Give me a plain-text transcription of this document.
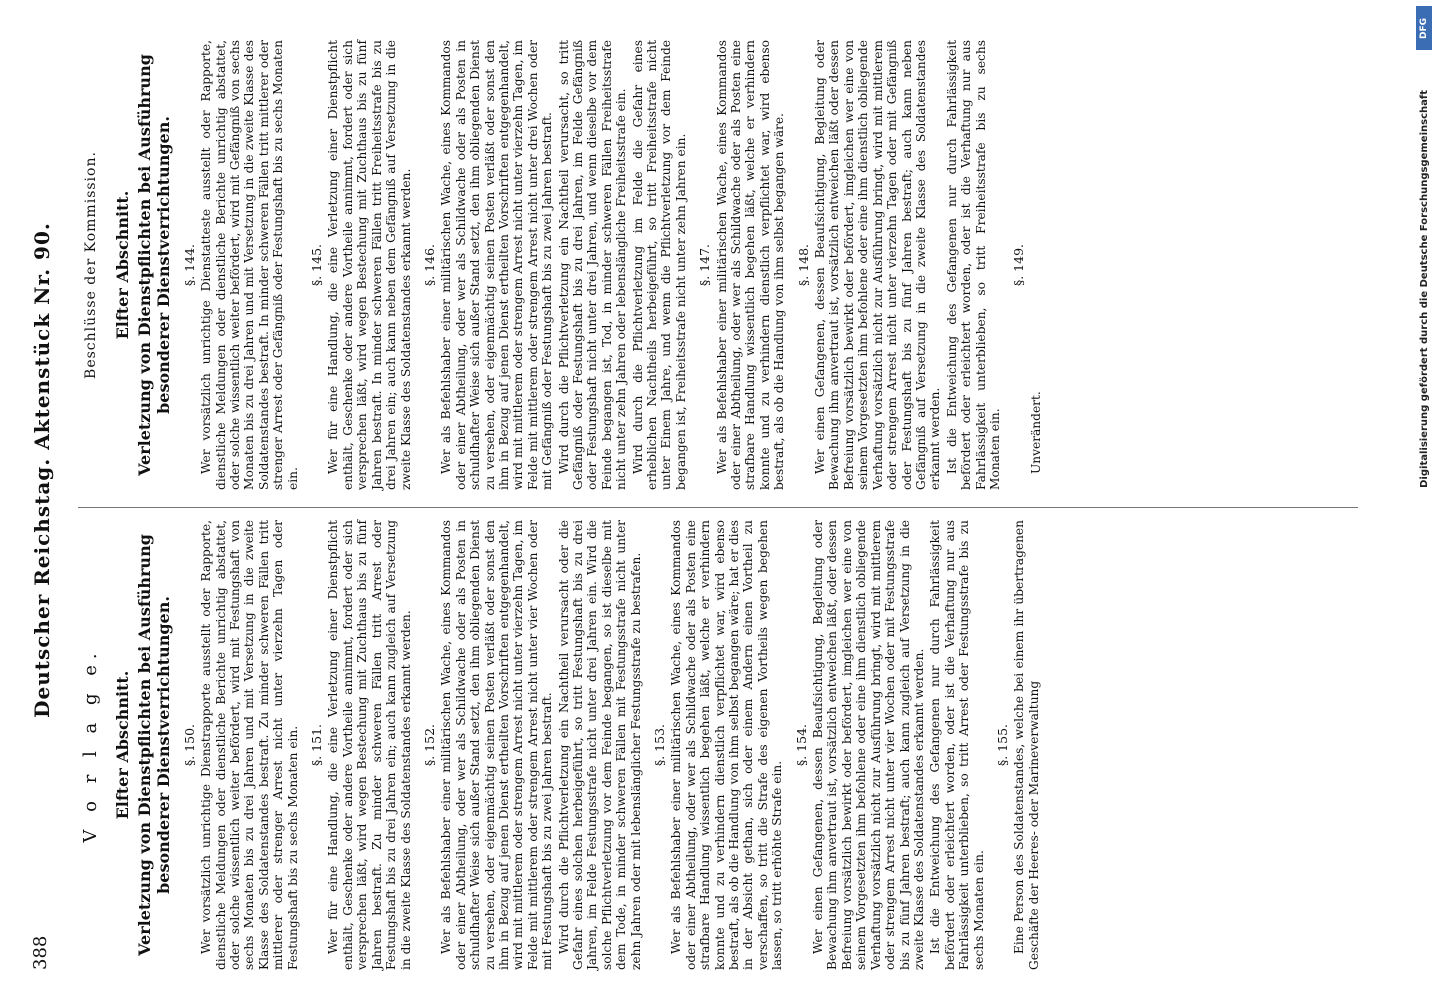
388
Deutscher Reichstag. Aktenstück Nr. 90.
V o r l a g e. Elfter Abschnitt. Verletzung von Dienstpflichten bei Ausführung besonderer Dienstverrichtungen. §. 150. Wer vorsätzlich unrichtige Dienstrapporte ausstellt oder Rapporte, dienstliche Meldungen oder dienstliche Berichte unrichtig abstattet, oder solche wissentlich weiter befördert, wird mit Festungshaft von sechs Monaten bis zu drei Jahren und mit Versetzung in die zweite Klasse des Soldatenstandes bestraft. Zu minder schweren Fällen tritt mittlerer oder strenger Arrest nicht unter vierzehn Tagen oder Festungshaft bis zu sechs Monaten ein. §. 151. Wer für eine Handlung, die eine Verletzung einer Dienstpflicht enthält, Geschenke oder andere Vortheile annimmt, fordert oder sich versprechen läßt, wird wegen Bestechung mit Zuchthaus bis zu fünf Jahren bestraft. Zu minder schweren Fällen tritt Arrest oder Festungshaft bis zu drei Jahren ein; auch kann zugleich auf Versetzung in die zweite Klasse des Soldatenstandes erkannt werden. §. 152. Wer als Befehlshaber einer militärischen Wache, eines Kommandos oder einer Abtheilung, oder wer als Schildwache oder als Posten in schuldhafter Weise sich außer Stand setzt, den ihm obliegenden Dienst zu versehen, oder eigenmächtig seinen Posten verläßt oder sonst den ihm in Bezug auf jenen Dienst ertheilten Vorschriften entgegenhandelt, wird mit mittlerem oder strengem Arrest nicht unter vierzehn Tagen, im Felde mit mittlerem oder strengem Arrest nicht unter vier Wochen oder mit Festungshaft bis zu zwei Jahren bestraft. Wird durch die Pflichtverletzung ein Nachtheil verursacht oder die Gefahr eines solchen herbeigeführt, so tritt Festungshaft bis zu drei Jahren, im Felde Festungsstrafe nicht unter drei Jahren ein. Wird die solche Pflichtverletzung vor dem Feinde begangen, so ist dieselbe mit dem Tode, in minder schweren Fällen mit Festungsstrafe nicht unter zehn Jahren oder mit lebenslänglicher Festungsstrafe zu bestrafen. §. 153. Wer als Befehlshaber einer militärischen Wache, eines Kommandos oder einer Abtheilung, oder wer als Schildwache oder als Posten eine strafbare Handlung wissentlich begehen läßt, welche er verhindern konnte und zu verhindern dienstlich verpflichtet war, wird ebenso bestraft, als ob die Handlung von ihm selbst begangen wäre; hat er dies in der Absicht gethan, sich oder einem Andern einen Vortheil zu verschaffen, so tritt die Strafe des eigenen Vortheils wegen begehen lassen, so tritt erhöhte Strafe ein.
§. 154. Wer einen Gefangenen, dessen Beaufsichtigung, Begleitung oder Bewachung ihm anvertraut ist, vorsätzlich entweichen läßt, oder dessen Befreiung vorsätzlich bewirkt oder befördert, imgleichen wer eine von seinem Vorgesetzten ihm befohlene oder eine ihm dienstlich obliegende Verhaftung vorsätzlich nicht zur Ausführung bringt, wird mit mittlerem oder strengem Arrest nicht unter vier Wochen oder mit Festungsstrafe bis zu fünf Jahren bestraft; auch kann zugleich auf Versetzung in die zweite Klasse des Soldatenstandes erkannt werden. Ist die Entweichung des Gefangenen nur durch Fahrlässigkeit befördert oder erleichtert worden, oder ist die Verhaftung nur aus Fahrlässigkeit unterblieben, so tritt Arrest oder Festungsstrafe bis zu sechs Monaten ein.
§. 155. Eine Person des Soldatenstandes, welche bei einem ihr übertragenen Geschäfte der Heeres- oder Marineverwaltung
Beschlüsse der Kommission. Elfter Abschnitt. Verletzung von Dienstpflichten bei Ausführung besonderer Dienstverrichtungen. §. 144. Wer vorsätzlich unrichtige Dienstatteste ausstellt oder Rapporte, dienstliche Meldungen oder dienstliche Berichte unrichtig abstattet, oder solche wissentlich weiter befördert, wird mit Gefängniß von sechs Monaten bis zu drei Jahren und mit Versetzung in die zweite Klasse des Soldatenstandes bestraft. In minder schweren Fällen tritt mittlerer oder strenger Arrest oder Gefängniß oder Festungshaft bis zu sechs Monaten ein.
§. 145. Wer für eine Handlung, die eine Verletzung einer Dienstpflicht enthält, Geschenke oder andere Vortheile annimmt, fordert oder sich versprechen läßt, wird wegen Bestechung mit Zuchthaus bis zu fünf Jahren bestraft. In minder schweren Fällen tritt Freiheitsstrafe bis zu drei Jahren ein; auch kann neben dem Gefängniß auf Versetzung in die zweite Klasse des Soldatenstandes erkannt werden. §. 146. Wer als Befehlshaber einer militärischen Wache, eines Kommandos oder einer Abtheilung, oder wer als Schildwache oder als Posten in schuldhafter Weise sich außer Stand setzt, den ihm obliegenden Dienst zu versehen, oder eigenmächtig seinen Posten verläßt oder sonst den ihm in Bezug auf jenen Dienst ertheilten Vorschriften entgegenhandelt, wird mit mittlerem oder strengem Arrest nicht unter vierzehn Tagen, im Felde mit mittlerem oder strengem Arrest nicht unter drei Wochen oder mit Gefängniß oder Festungshaft bis zu zwei Jahren bestraft. Wird durch die Pflichtverletzung ein Nachtheil verursacht, so tritt Gefängniß oder Festungshaft bis zu drei Jahren, im Felde Gefängniß oder Festungshaft nicht unter drei Jahren, und wenn dieselbe vor dem Feinde begangen ist, Tod, in minder schweren Fällen Freiheitsstrafe nicht unter zehn Jahren oder lebenslängliche Freiheitsstrafe ein. Wird durch die Pflichtverletzung im Felde die Gefahr eines erheblichen Nachtheils herbeigeführt, so tritt Freiheitsstrafe nicht unter Einem Jahre, und wenn die Pflichtverletzung vor dem Feinde begangen ist, Freiheitsstrafe nicht unter zehn Jahren ein. §. 147. Wer als Befehlshaber einer militärischen Wache, eines Kommandos oder einer Abtheilung, oder wer als Schildwache oder als Posten eine strafbare Handlung wissentlich begehen läßt, welche er verhindern konnte und zu verhindern dienstlich verpflichtet war, wird ebenso bestraft, als ob die Handlung von ihm selbst begangen wäre. §. 148. Wer einen Gefangenen, dessen Beaufsichtigung, Begleitung oder Bewachung ihm anvertraut ist, vorsätzlich entweichen läßt oder dessen Befreiung vorsätzlich bewirkt oder befördert, imgleichen wer eine von seinem Vorgesetzten ihm befohlene oder eine ihm dienstlich obliegende Verhaftung vorsätzlich nicht zur Ausführung bringt, wird mit mittlerem oder strengem Arrest nicht unter vierzehn Tagen oder mit Gefängniß oder Festungshaft bis zu fünf Jahren bestraft; auch kann neben Gefängniß auf Versetzung in die zweite Klasse des Soldatenstandes erkannt werden. Ist die Entweichung des Gefangenen nur durch Fahrlässigkeit befördert oder erleichtert worden, oder ist die Verhaftung nur aus Fahrlässigkeit unterblieben, so tritt Freiheitsstrafe bis zu sechs Monaten ein.
§. 149.
Unverändert.
DFG
Digitalisierung gefördert durch die Deutsche Forschungsgemeinschaft
